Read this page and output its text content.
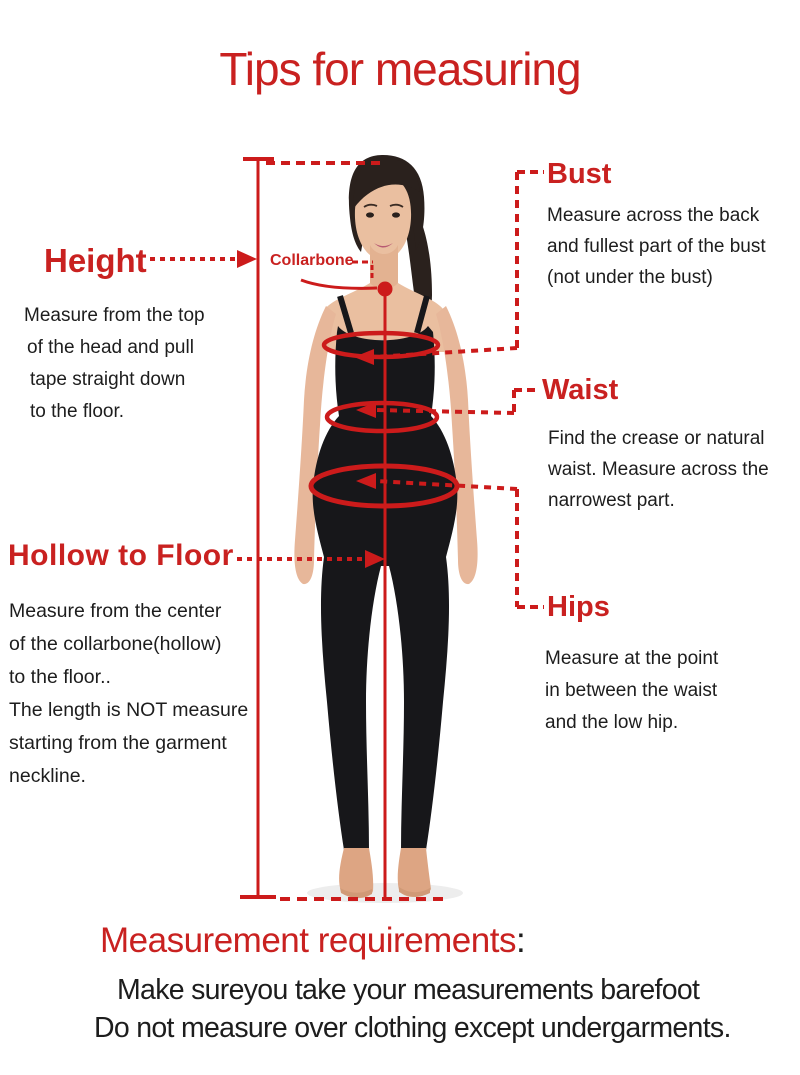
Tips for measuring
Height
Measure from the top
of the head and pull
tape straight down
to the floor.
Collarbone
Bust
Measure across the back
and fullest part of the bust
(not under the bust)
Waist
Find the crease or natural
waist. Measure across the
narrowest part.
Hips
Measure at the point
in between the waist
and the low hip.
Hollow to Floor
Measure from the center
of the collarbone(hollow)
to the floor..
The length is NOT measure
starting from the garment
neckline.
Measurement requirements:
Make sureyou take your measurements barefoot
Do not measure over clothing except undergarments.
